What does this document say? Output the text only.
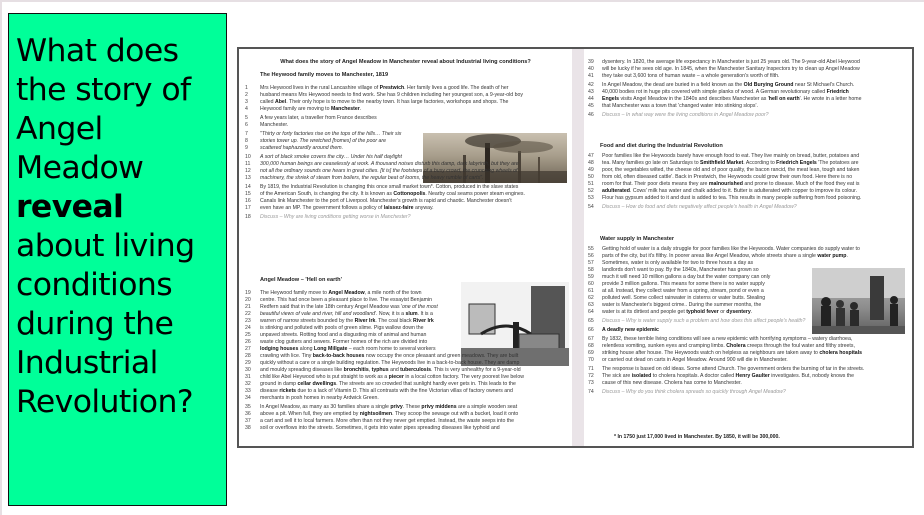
What does the story of Angel Meadow
reveal
about living conditions during the Industrial Revolution?
What does the story of Angel Meadow in Manchester reveal about Industrial living conditions?
The Heywood family moves to Manchester, 1819
Angel Meadow – 'Hell on earth'
1 Mrs Heywood lives in the rural Lancashire village of Prestwich. Her family lives a good life. The death of her
2 husband means Mrs Heywood needs to find work. She has 9 children including her youngest son, a 9-year-old boy
3 called Abel. Their only hope is to move to the nearby town. It has large factories, workshops and shops. The
4 Heywood family are moving to Manchester.
5 A few years later, a traveller from France describes
6 Manchester.
7 "Thirty or forty factories rise on the tops of the hills… Their six
8 stories tower up. The wretched [homes] of the poor are
9 scattered haphazardly around them.
10 A sort of black smoke covers the city… Under his half daylight
11 300,000 human beings are ceaselessly at work. A thousand noises disturb this damp, dark labyrinth, but they are
12 not all the ordinary sounds one hears in great cities. [It is] the footsteps of a busy crowd, the crunching wheels of
13 machinery, the shriek of steam from boilers, the regular beat of looms, the heavy rumble of carts".
14 By 1819, the Industrial Revolution is changing this once small market town*. Cotton, produced in the slave states
15 of the American South, is changing the city. It is known as Cottonopolis. Nearby coal seams power steam engines.
16 Canals link Manchester to the port of Liverpool. Manchester's growth is rapid and chaotic. Manchester doesn't
17 even have an MP. The government follows a policy of laissez-faire anyway.
18 Discuss – Why are living conditions getting worse in Manchester?
19 The Heywood family move to Angel Meadow, a mile north of the town
20 centre. This had once been a pleasant place to live. The essayist Benjamin
21 Redfern said that in the late 18th century Angel Meadow was 'one of the most
22 beautiful views of vale and river, hill and woodland'. Now, it is a slum. It is a
23 warren of narrow streets bounded by the River Irk. The coal black River Irk
24 is stinking and polluted with pools of green slime. Pigs wallow down the
25 unpaved streets. Rotting food and a disgusting mix of animal and human
26 waste clog gutters and sewers. Former homes of the rich are divided into
27 lodging houses along Long Millgate – each room home to several workers
28 crawling with lice. Tiny back-to-back houses now occupy the once pleasant and green meadows. They are built
29 quickly without a care or a single building regulation. The Heywoods live in a back-to-back house. They are damp
30 and mouldy spreading diseases like bronchitis, typhus and tuberculosis. This is very unhealthy for a 9-year-old
31 child like Abel Heywood who is put straight to work as a piecer in a local cotton factory. The very poorest live below
32 ground in damp cellar dwellings. The streets are so crowded that sunlight hardly ever gets in. This leads to the
33 disease rickets due to a lack of Vitamin D. This all contrasts with the fine Victorian villas of factory owners and
34 merchants in posh homes in nearby Ardwick Green.
35 In Angel Meadow, as many as 30 families share a single privy. These privy middens are a simple wooden seat
36 above a pit. When full, they are emptied by nightsoilmen. They scoop the sewage out with a bucket, load it onto
37 a cart and sell it to local farmers. More often than not they never get emptied. Instead, the waste seeps into the
38 soil or overflows into the streets. Sometimes, it gets into water pipes spreading diseases like typhoid and
Food and diet during the Industrial Revolution
Water supply in Manchester
39 dysentery. In 1820, the average life expectancy in Manchester is just 25 years old. The 9-year-old Abel Heywood
40 will be lucky if he sees old age. In 1845, when the Manchester Sanitary Inspectors try to clean up Angel Meadow
41 they take out 3,600 tons of human waste – a whole generation's worth of filth.
42 In Angel Meadow, the dead are buried in a field known as the Old Burying Ground near St Michael's Church.
43 40,000 bodies rot in huge pits covered with simple planks of wood. A German revolutionary called Friedrich
44 Engels visits Angel Meadow in the 1840s and describes Manchester as 'hell on earth'. He wrote in a letter home
45 that Manchester was a town that 'changed water into stinking slops'.
46 Discuss – In what way were the living conditions in Angel Meadow poor?
47 Poor families like the Heywoods barely have enough food to eat. They live mainly on bread, butter, potatoes and
48 tea. Many families go late on Saturdays to Smithfield Market. According to Friedrich Engels 'The potatoes are
49 poor, the vegetables wilted, the cheese old and of poor quality, the bacon rancid, the meat lean, tough and taken
50 from old, often diseased cattle'. Back in Prestwich, the Heywoods could grow their own food. Here there is no
51 room for that. Their poor diets means they are malnourished and prone to disease. Much of the food they eat is
52 adulterated. Cows' milk has water and chalk added to it. Butter is adulterated with copper to improve its colour.
53 Flour has gypsum added to it and dust is added to tea. This results in many people suffering from food poisoning.
54 Discuss – How do food and diets negatively affect people's health in Angel Meadow?
55 Getting hold of water is a daily struggle for poor families like the Heywoods. Water companies do supply water to
56 parts of the city, but it's filthy. In poorer areas like Angel Meadow, whole streets share a single water pump.
57 Sometimes, water is only available for two to three hours a day as
58 landlords don't want to pay. By the 1840s, Manchester has grown so
59 much it will need 10 million gallons a day but the water company can only
60 provide 3 million gallons. This means for some there is no water supply
61 at all. Instead, they collect water from a spring, stream, pond or even a
62 polluted well. Some collect rainwater in cisterns or water butts. Stealing
63 water is Manchester's biggest crime.. During the summer months, the
64 water is at its dirtiest and people get typhoid fever or dysentery.
65 Discuss – Why is water supply such a problem and how does this affect people's health?
66 A deadly new epidemic
67 By 1832, these terrible living conditions will see a new epidemic with horrifying symptoms – watery diarrhoea,
68 relentless vomiting, sunken eyes and cramping limbs. Cholera creeps through the foul water and filthy streets,
69 striking house after house. The Heywoods watch on helpless as neighbours are taken away to cholera hospitals
70 or carried out dead on carts in Angel Meadow. Around 900 will die in Manchester.
71 The response is based on old ideas. Some attend Church. The government orders the burning of tar in the streets.
72 The sick are isolated to cholera hospitals. A doctor called Henry Gaulter investigates. But, nobody knows the
73 cause of this new disease. Cholera has come to Manchester.
74 Discuss – Why do you think cholera spreads so quickly through Angel Meadow?
* In 1750 just 17,000 lived in Manchester. By 1850, it will be 300,000.
